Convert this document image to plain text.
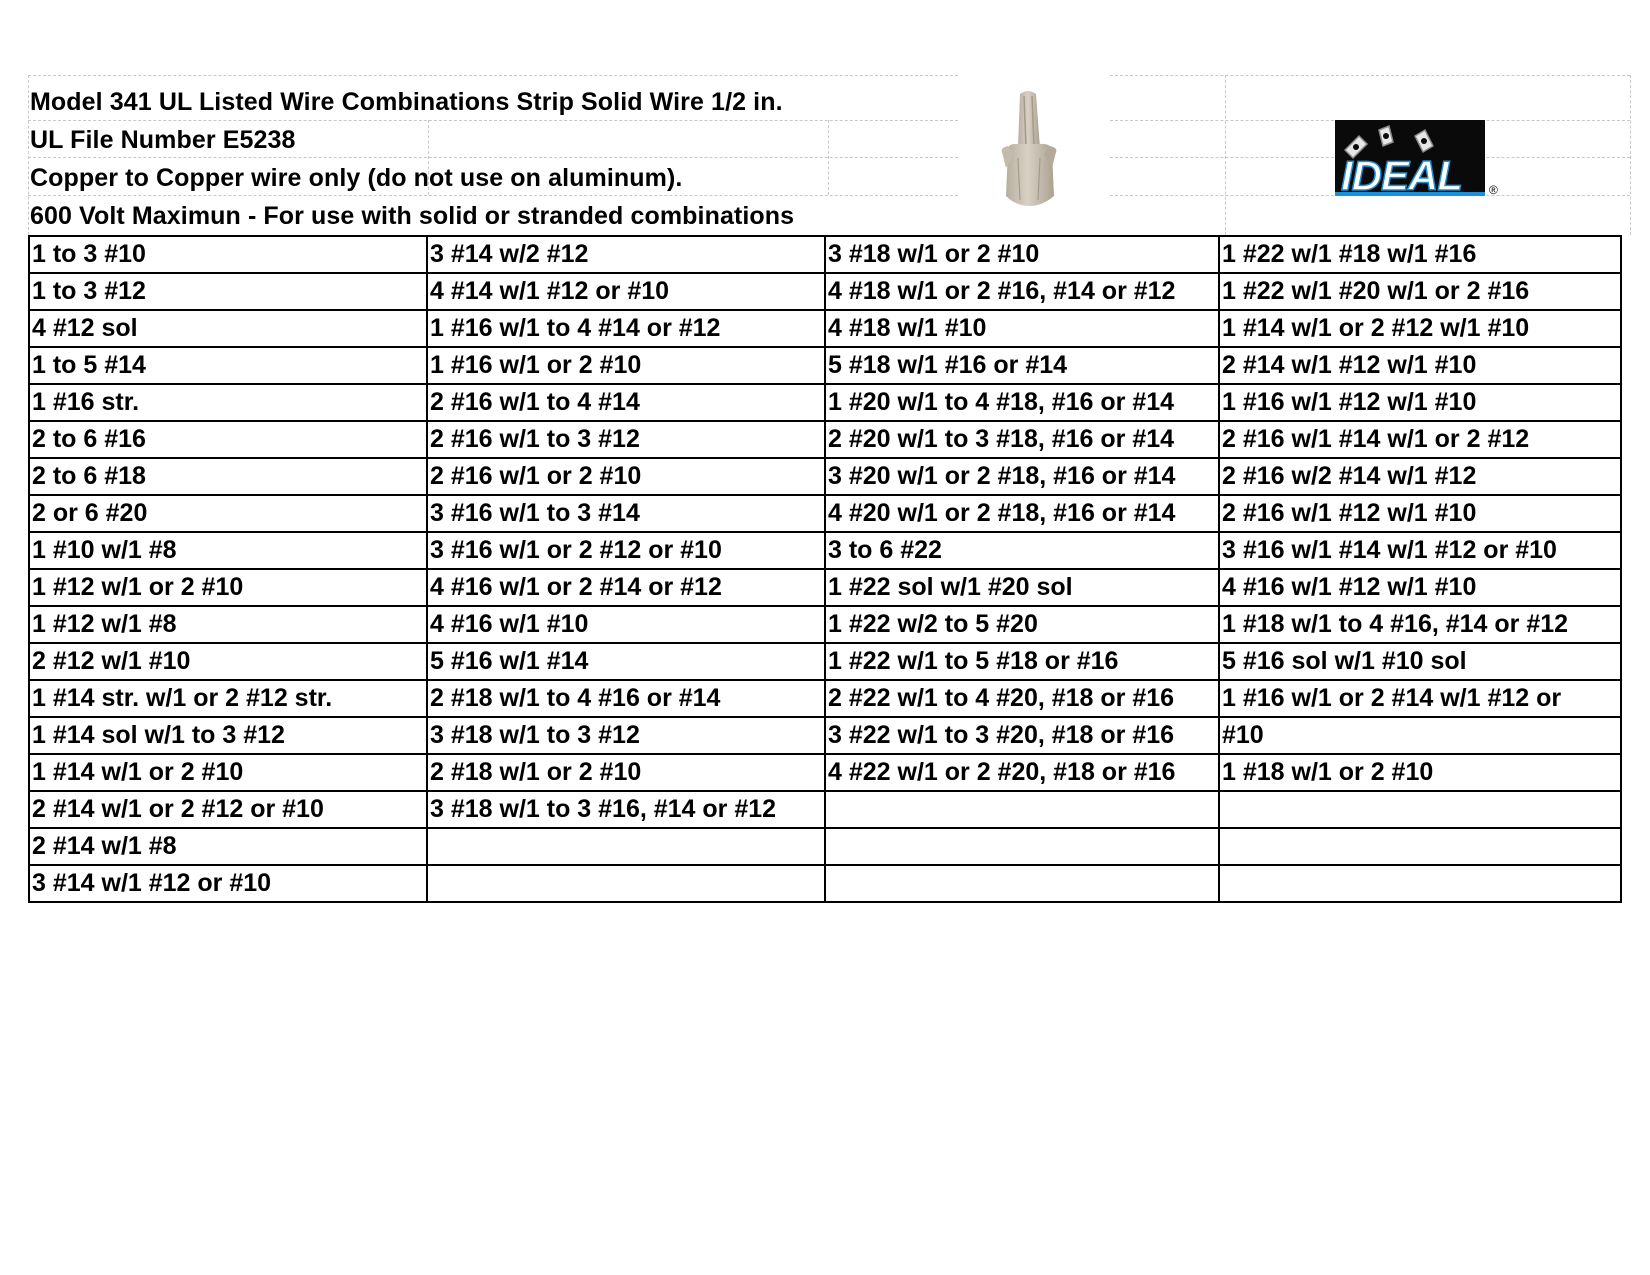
Model 341 UL Listed Wire Combinations Strip Solid Wire 1/2 in.
UL File Number E5238
Copper to Copper wire only (do not use on aluminum).
600 Volt Maximun - For use with solid or stranded combinations
IDEAL ®
1 to 3 #10	3 #14 w/2 #12	3 #18 w/1 or 2 #10	1 #22 w/1 #18 w/1 #16
1 to 3 #12	4 #14 w/1 #12 or #10	4 #18 w/1 or 2 #16, #14 or #12	1 #22 w/1 #20 w/1 or 2 #16
4 #12 sol	1 #16 w/1 to 4 #14 or #12	4 #18 w/1 #10	1 #14 w/1 or 2 #12 w/1 #10
1 to 5 #14	1 #16 w/1 or 2 #10	5 #18 w/1 #16 or #14	2 #14 w/1 #12 w/1 #10
1 #16 str.	2 #16 w/1 to 4 #14	1 #20 w/1 to 4 #18, #16 or #14	1 #16 w/1 #12 w/1 #10
2 to 6 #16	2 #16 w/1 to 3 #12	2 #20 w/1 to 3 #18, #16 or #14	2 #16 w/1 #14 w/1 or 2 #12
2 to 6 #18	2 #16 w/1 or 2 #10	3 #20 w/1 or 2 #18, #16 or #14	2 #16 w/2 #14 w/1 #12
2 or 6 #20	3 #16 w/1 to 3 #14	4 #20 w/1 or 2 #18, #16 or #14	2 #16 w/1 #12 w/1 #10
1 #10 w/1 #8	3 #16 w/1 or 2 #12 or #10	3 to 6 #22	3 #16 w/1 #14 w/1 #12 or #10
1 #12 w/1 or 2 #10	4 #16 w/1 or 2 #14 or #12	1 #22 sol w/1 #20 sol	4 #16 w/1 #12 w/1 #10
1 #12 w/1 #8	4 #16 w/1 #10	1 #22 w/2 to 5 #20	1 #18 w/1 to 4 #16, #14 or #12
2 #12 w/1 #10	5 #16 w/1 #14	1 #22 w/1 to 5 #18 or #16	5 #16 sol w/1 #10 sol
1 #14 str. w/1 or 2 #12 str.	2 #18 w/1 to 4 #16 or #14	2 #22 w/1 to 4 #20, #18 or #16	1 #16 w/1 or 2 #14 w/1 #12 or
1 #14 sol w/1 to 3 #12	3 #18 w/1 to 3 #12	3 #22 w/1 to 3 #20, #18 or #16	#10
1 #14 w/1 or 2 #10	2 #18 w/1 or 2 #10	4 #22 w/1 or 2 #20, #18 or #16	1 #18 w/1 or 2 #10
2 #14 w/1 or 2 #12 or #10	3 #18 w/1 to 3 #16, #14 or #12		
2 #14 w/1 #8			
3 #14 w/1 #12 or #10			
